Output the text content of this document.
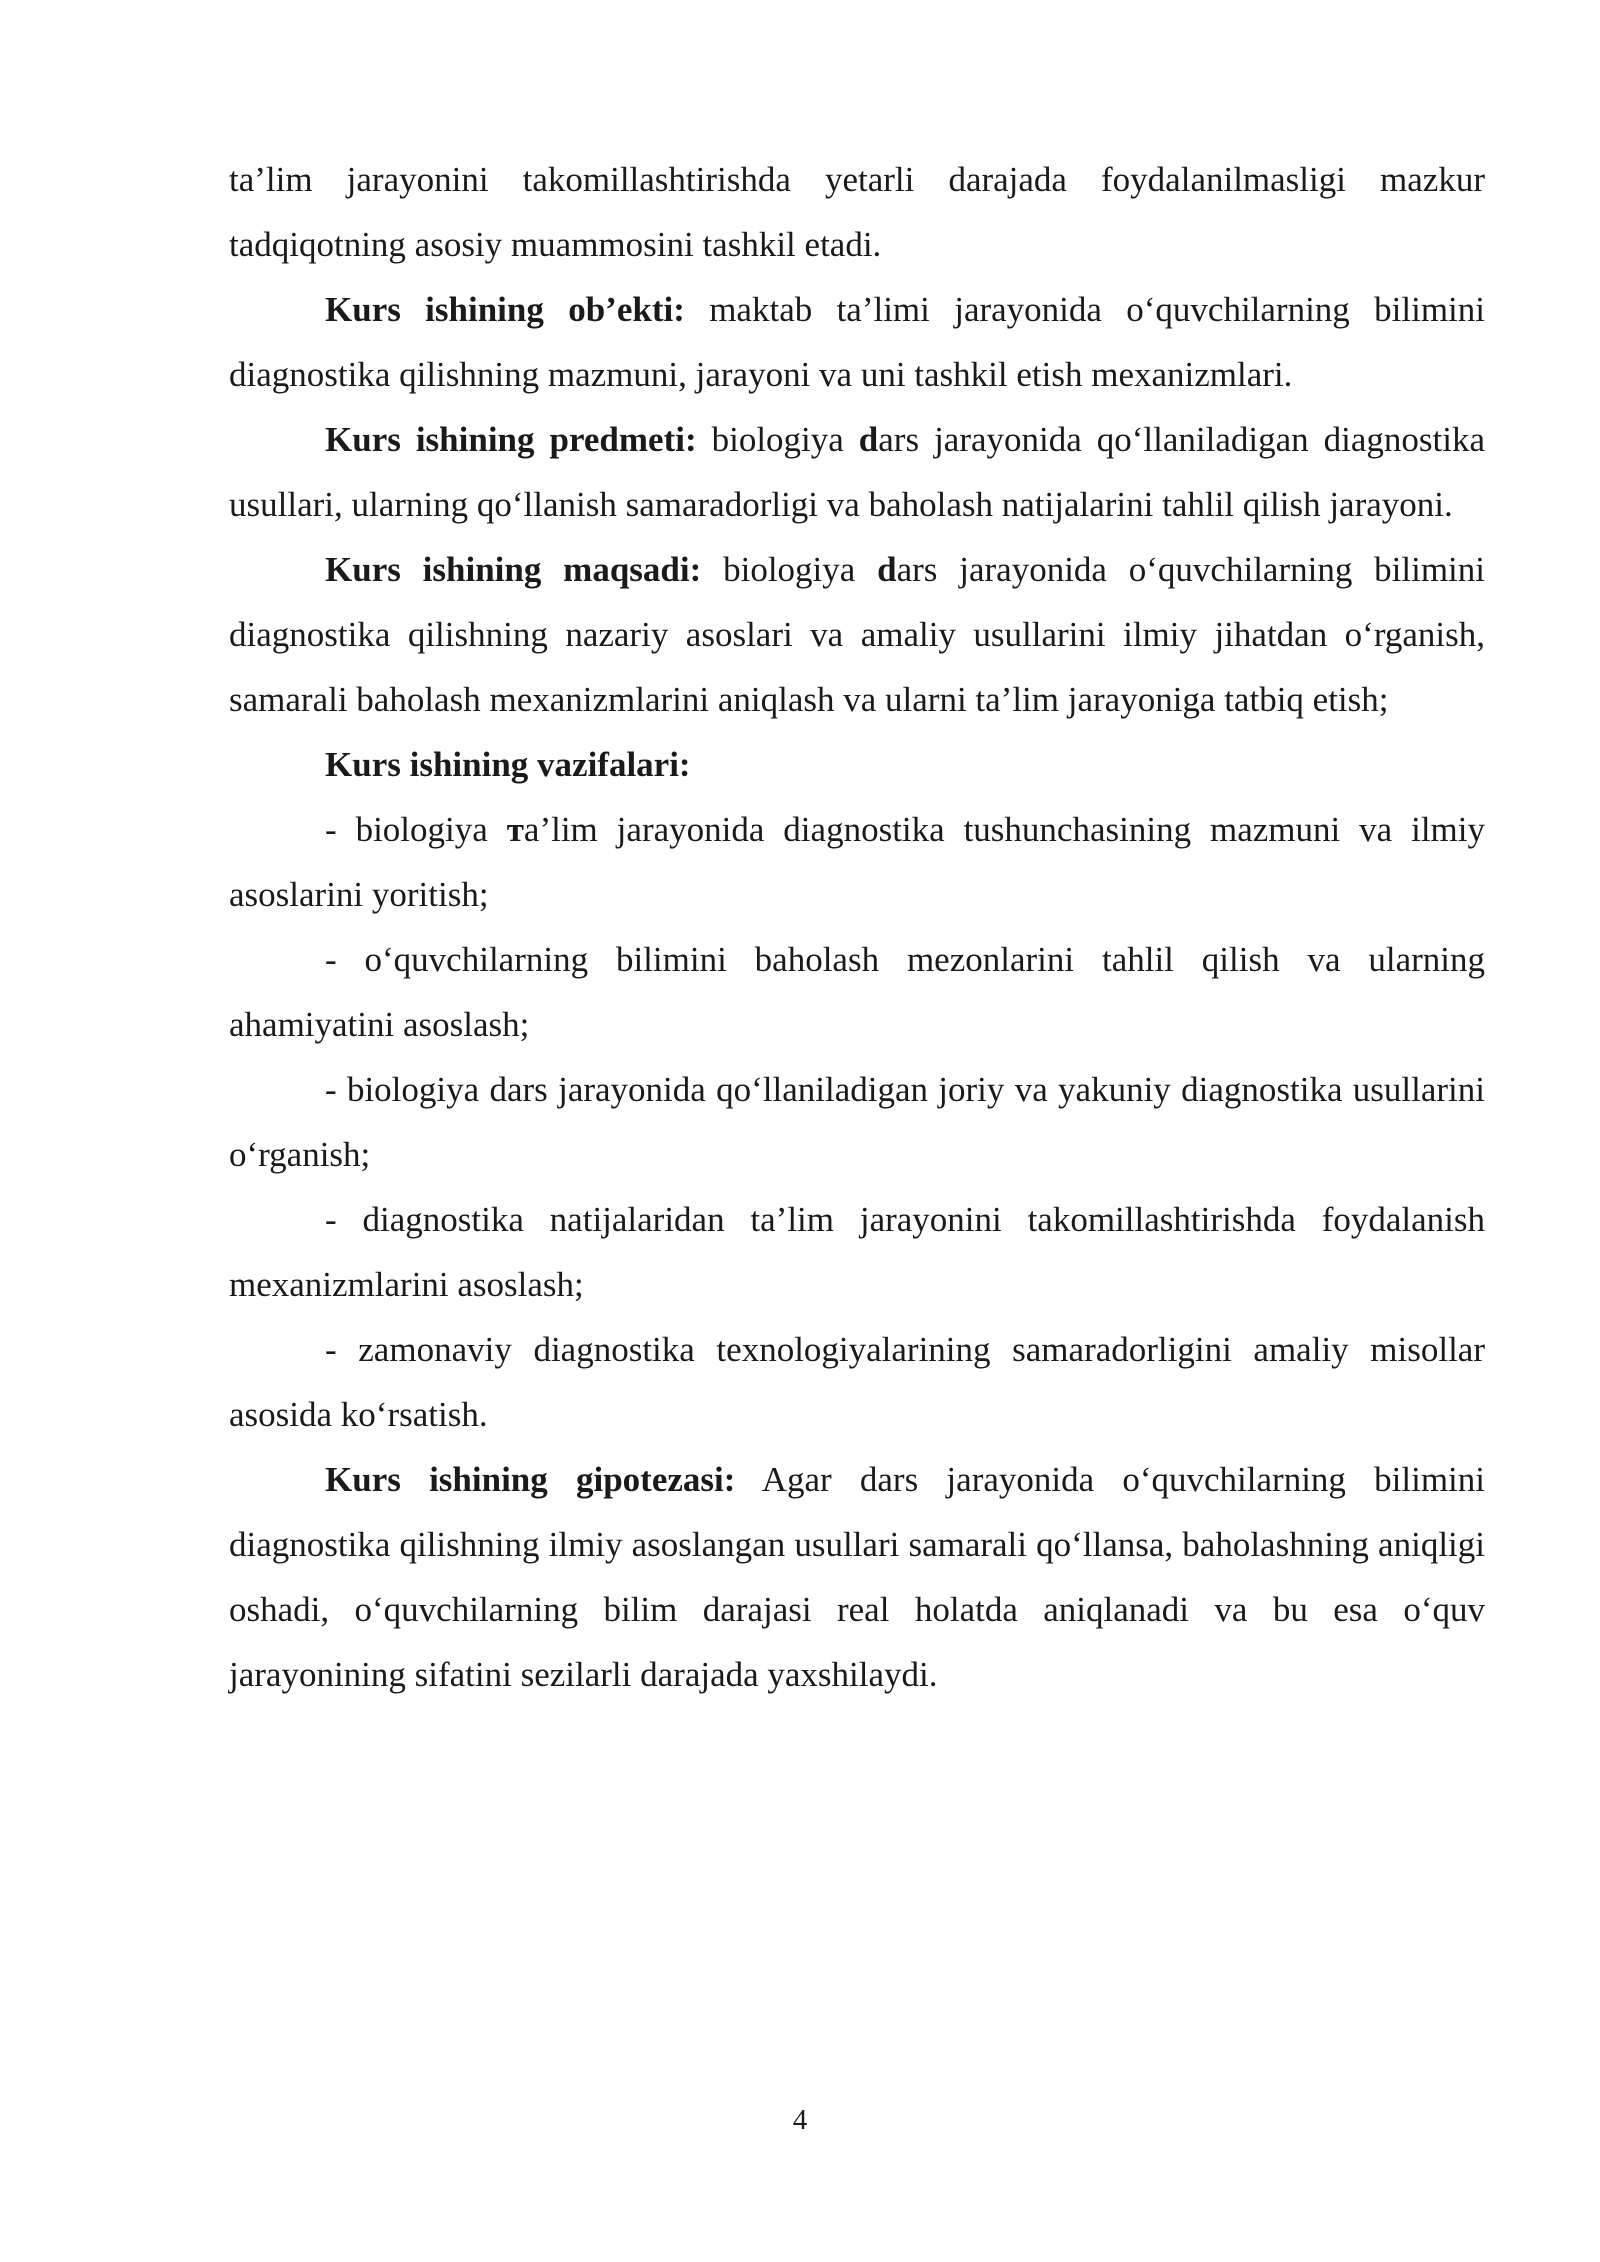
ta’lim jarayonini takomillashtirishda yetarli darajada foydalanilmasligi mazkur tadqiqotning asosiy muammosini tashkil etadi.

Kurs ishining ob’ekti: maktab ta’limi jarayonida o‘quvchilarning bilimini diagnostika qilishning mazmuni, jarayoni va uni tashkil etish mexanizmlari.

Kurs ishining predmeti: biologiya dars jarayonida qo‘llaniladigan diagnostika usullari, ularning qo‘llanish samaradorligi va baholash natijalarini tahlil qilish jarayoni.

Kurs ishining maqsadi: biologiya dars jarayonida o‘quvchilarning bilimini diagnostika qilishning nazariy asoslari va amaliy usullarini ilmiy jihatdan o‘rganish, samarali baholash mexanizmlarini aniqlash va ularni ta’lim jarayoniga tatbiq etish;

Kurs ishining vazifalari:

- biologiya тa’lim jarayonida diagnostika tushunchasining mazmuni va ilmiy asoslarini yoritish;

- o‘quvchilarning bilimini baholash mezonlarini tahlil qilish va ularning ahamiyatini asoslash;

- biologiya dars jarayonida qo‘llaniladigan joriy va yakuniy diagnostika usullarini o‘rganish;

- diagnostika natijalaridan ta’lim jarayonini takomillashtirishda foydalanish mexanizmlarini asoslash;

- zamonaviy diagnostika texnologiyalarining samaradorligini amaliy misollar asosida ko‘rsatish.

Kurs ishining gipotezasi: Agar dars jarayonida o‘quvchilarning bilimini diagnostika qilishning ilmiy asoslangan usullari samarali qo‘llansa, baholashning aniqligi oshadi, o‘quvchilarning bilim darajasi real holatda aniqlanadi va bu esa o‘quv jarayonining sifatini sezilarli darajada yaxshilaydi.

4
